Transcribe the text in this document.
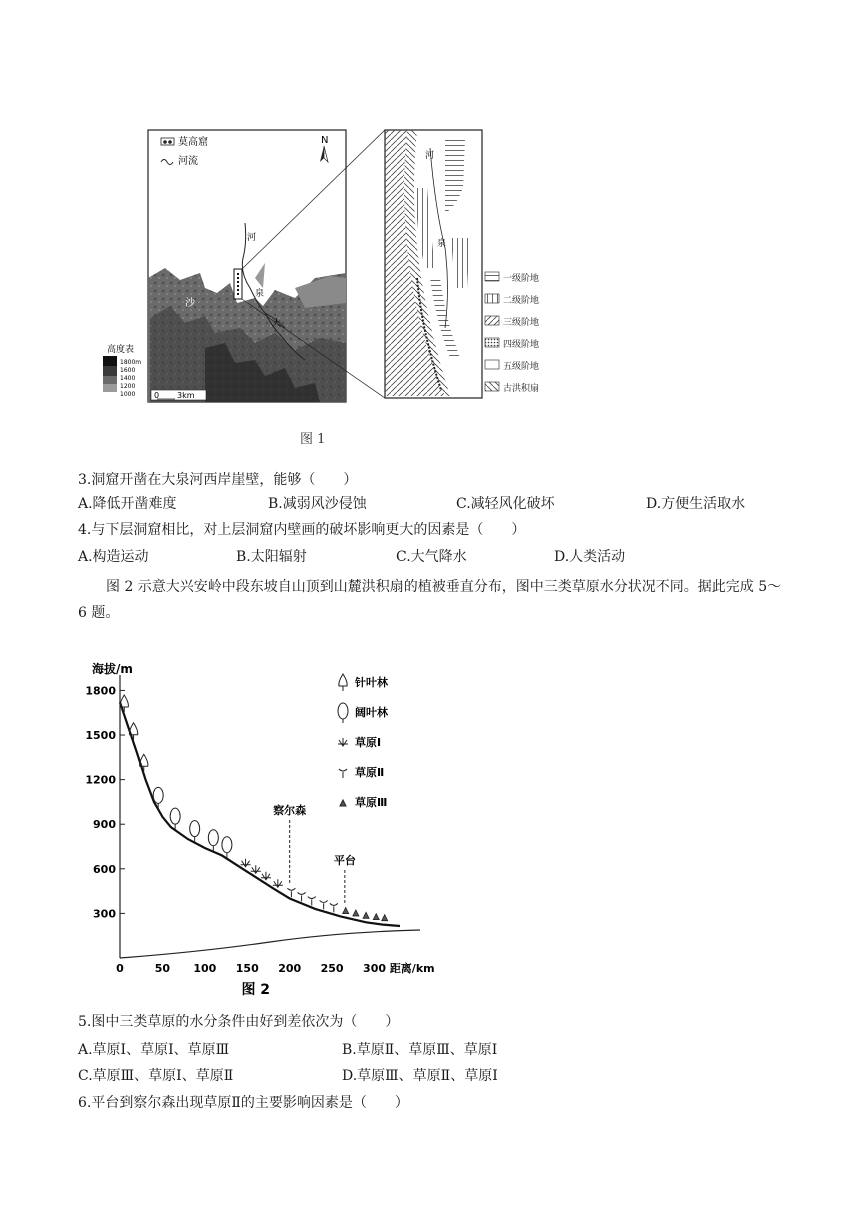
莫高窟
河流
N
河
泉
大
鸣
沙
高度表
1800m
1600
1400
1200
1000 0 3km
河
泉
一级阶地
二级阶地
三级阶地
四级阶地
五级阶地
古洪积扇
图 1
3.洞窟开凿在大泉河西岸崖壁，能够（　　）
A.降低开凿难度	B.减弱风沙侵蚀	C.减轻风化破坏	D.方便生活取水
4.与下层洞窟相比，对上层洞窟内壁画的破坏影响更大的因素是（　　）
A.构造运动	B.太阳辐射	C.大气降水	D.人类活动
图 2 示意大兴安岭中段东坡自山顶到山麓洪积扇的植被垂直分布，图中三类草原水分状况不同。据此完成 5～6 题。
海拔/m
300
600
900
1200
1500
1800
0	50 100 150 200 250 300 距离/km
图 2
察尔森
平台
针叶林
阔叶林
草原Ⅰ
草原Ⅱ
草原Ⅲ
5.图中三类草原的水分条件由好到差依次为（　　）
A.草原Ⅰ、草原Ⅰ、草原Ⅲ	B.草原Ⅱ、草原Ⅲ、草原Ⅰ
C.草原Ⅲ、草原Ⅰ、草原Ⅱ	D.草原Ⅲ、草原Ⅱ、草原Ⅰ
6.平台到察尔森出现草原Ⅱ的主要影响因素是（　　）
